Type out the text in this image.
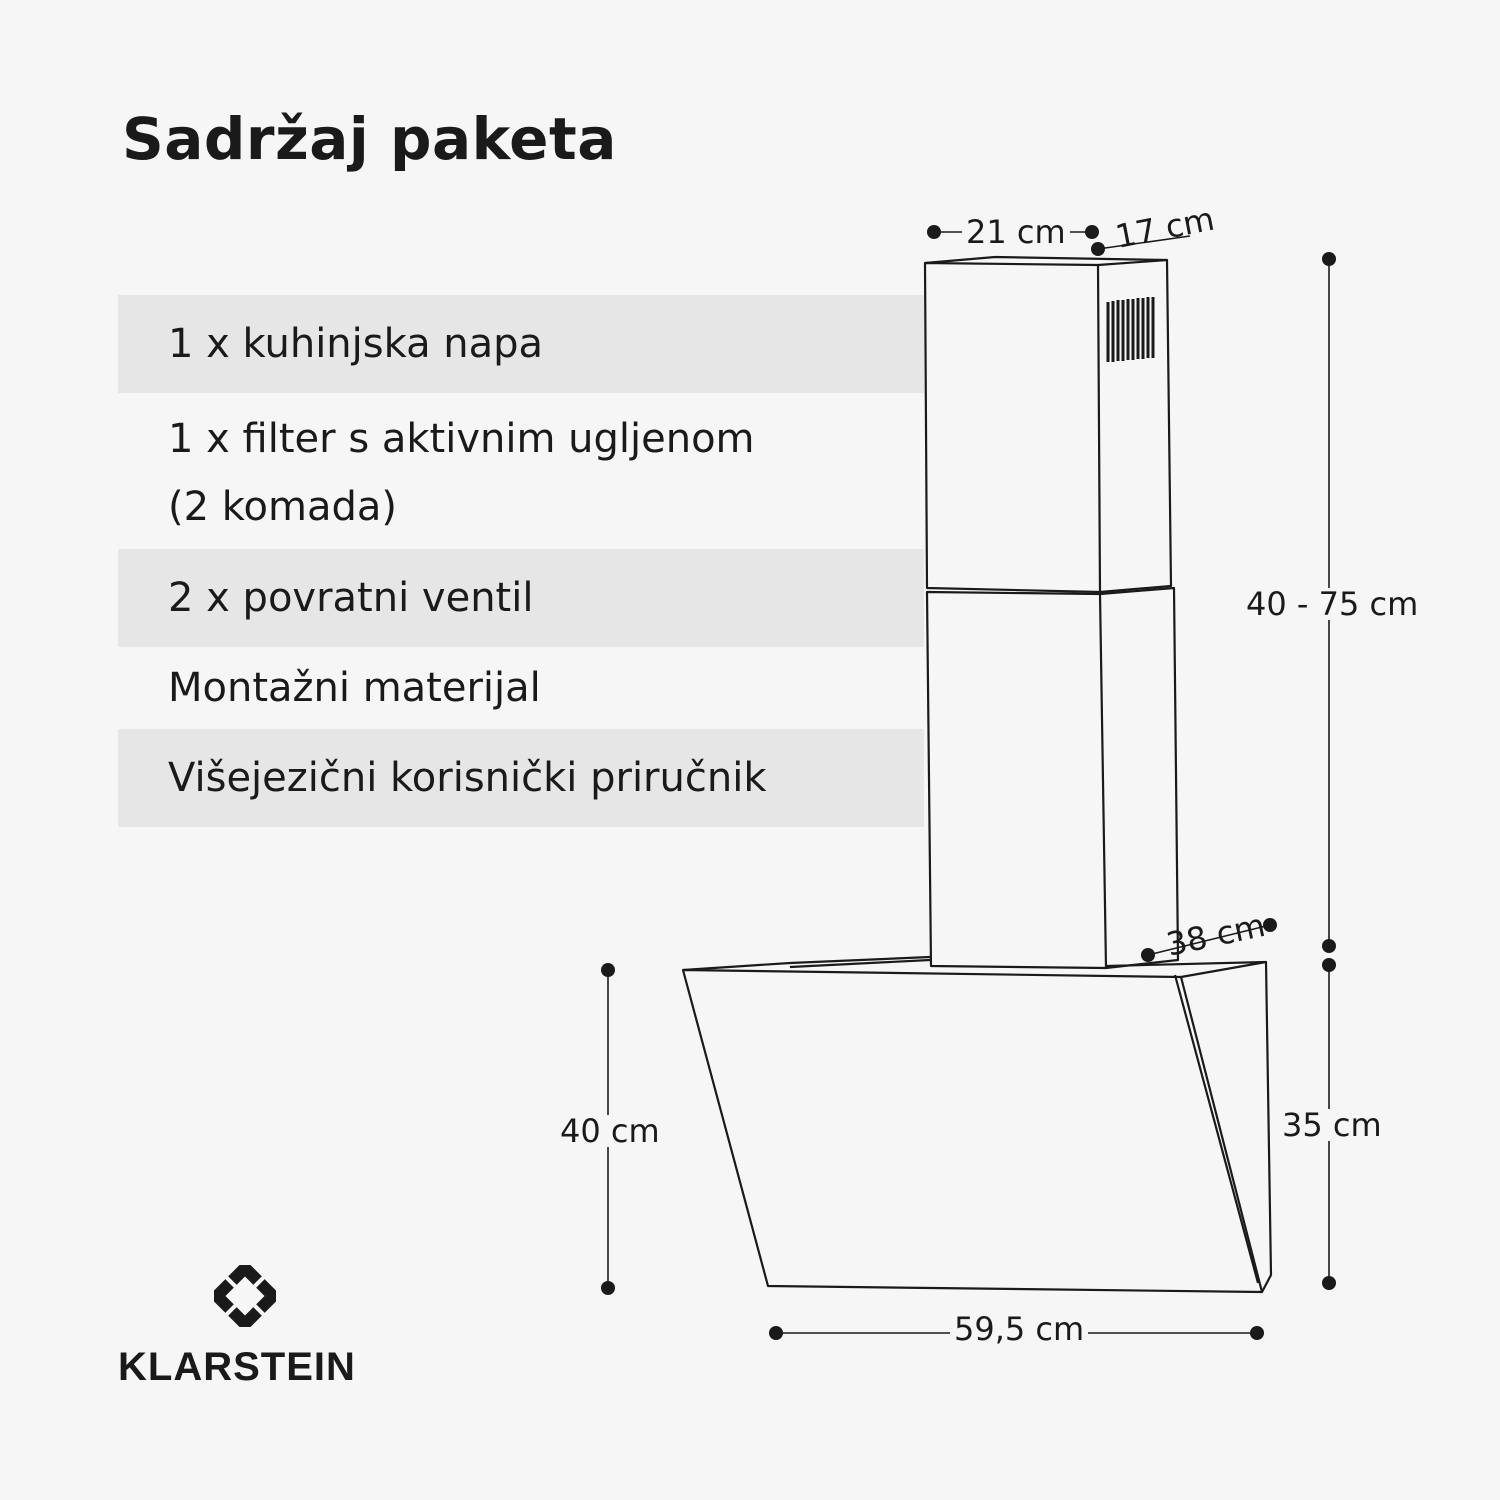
Sadržaj paketa
1 x kuhinjska napa
1 x filter s aktivnim ugljenom
(2 komada)
2 x povratni ventil
Montažni materijal
Višejezični korisnički priručnik
21 cm 17 cm
40 - 75 cm
38 cm
40 cm	35 cm
59,5 cm
KLARSTEIN
